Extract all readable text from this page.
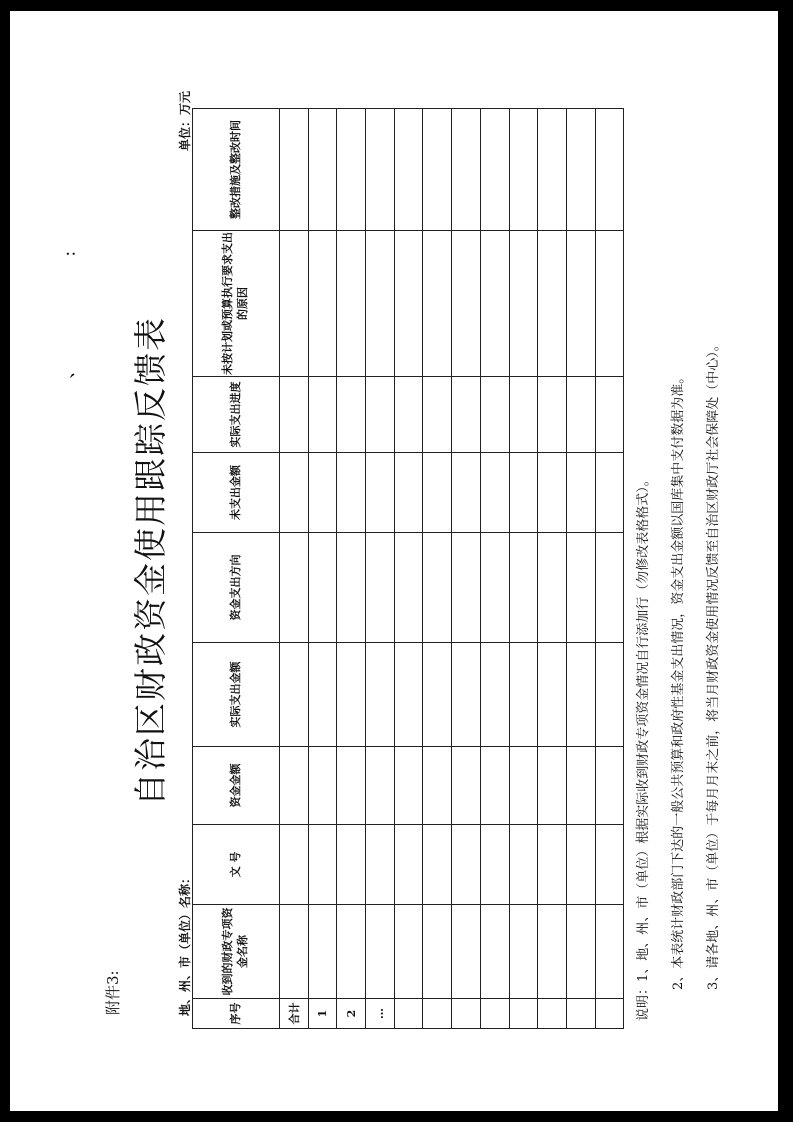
附件3:
自治区财政资金使用跟踪反馈表
地、州、市（单位）名称：
单位：万元
、
：
序号	收到的财政专项资金名称	文 号	资金金额	实际支出金额	资金支出方向	未支出金额	实际支出进度	未按计划或预算执行要求支出的原因	整改措施及整改时间
合计									
1									
2									
…									

										说明：1、地、州、市（单位）根据实际收到财政专项资金情况自行添加行（勿修改表格格式）。	2、本表统计财政部门下达的一般公共预算和政府性基金支出情况，资金支出金额以国库集中支付数据为准。	3、请各地、州、市（单位）于每月月末之前，将当月财政资金使用情况反馈至自治区财政厅社会保障处（中心）。
